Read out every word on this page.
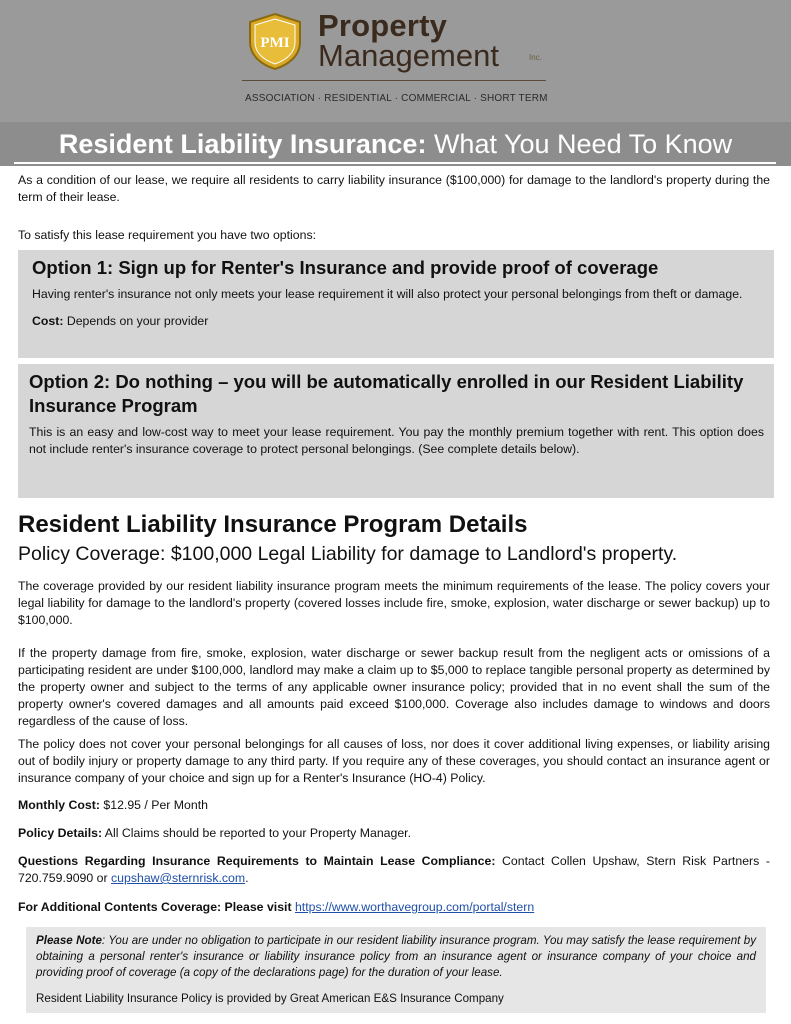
PMI Property
Management	Inc.
ASSOCIATION · RESIDENTIAL · COMMERCIAL · SHORT TERM
Resident Liability Insurance: What You Need To Know
As a condition of our lease, we require all residents to carry liability insurance ($100,000) for damage to the landlord's property during the term of their lease.
To satisfy this lease requirement you have two options:
Option 1: Sign up for Renter's Insurance and provide proof of coverage

Having renter's insurance not only meets your lease requirement it will also protect your personal belongings from theft or damage.

Cost: Depends on your provider

Option 2: Do nothing – you will be automatically enrolled in our Resident Liability Insurance Program

This is an easy and low-cost way to meet your lease requirement. You pay the monthly premium together with rent. This option does not include renter's insurance coverage to protect personal belongings. (See complete details below).

Resident Liability Insurance Program Details
Policy Coverage: $100,000 Legal Liability for damage to Landlord's property.
The coverage provided by our resident liability insurance program meets the minimum requirements of the lease. The policy covers your legal liability for damage to the landlord's property (covered losses include fire, smoke, explosion, water discharge or sewer backup) up to $100,000.
If the property damage from fire, smoke, explosion, water discharge or sewer backup result from the negligent acts or omissions of a participating resident are under $100,000, landlord may make a claim up to $5,000 to replace tangible personal property as determined by the property owner and subject to the terms of any applicable owner insurance policy; provided that in no event shall the sum of the property owner's covered damages and all amounts paid exceed $100,000. Coverage also includes damage to windows and doors regardless of the cause of loss.
The policy does not cover your personal belongings for all causes of loss, nor does it cover additional living expenses, or liability arising out of bodily injury or property damage to any third party. If you require any of these coverages, you should contact an insurance agent or insurance company of your choice and sign up for a Renter's Insurance (HO-4) Policy.
Monthly Cost: $12.95 / Per Month
Policy Details: All Claims should be reported to your Property Manager.
Questions Regarding Insurance Requirements to Maintain Lease Compliance: Contact Collen Upshaw, Stern Risk Partners - 720.759.9090 or cupshaw@sternrisk.com.
For Additional Contents Coverage: Please visit https://www.worthavegroup.com/portal/stern

Please Note: You are under no obligation to participate in our resident liability insurance program. You may satisfy the lease requirement by obtaining a personal renter's insurance or liability insurance policy from an insurance agent or insurance company of your choice and providing proof of coverage (a copy of the declarations page) for the duration of your lease.

Resident Liability Insurance Policy is provided by Great American E&S Insurance Company
